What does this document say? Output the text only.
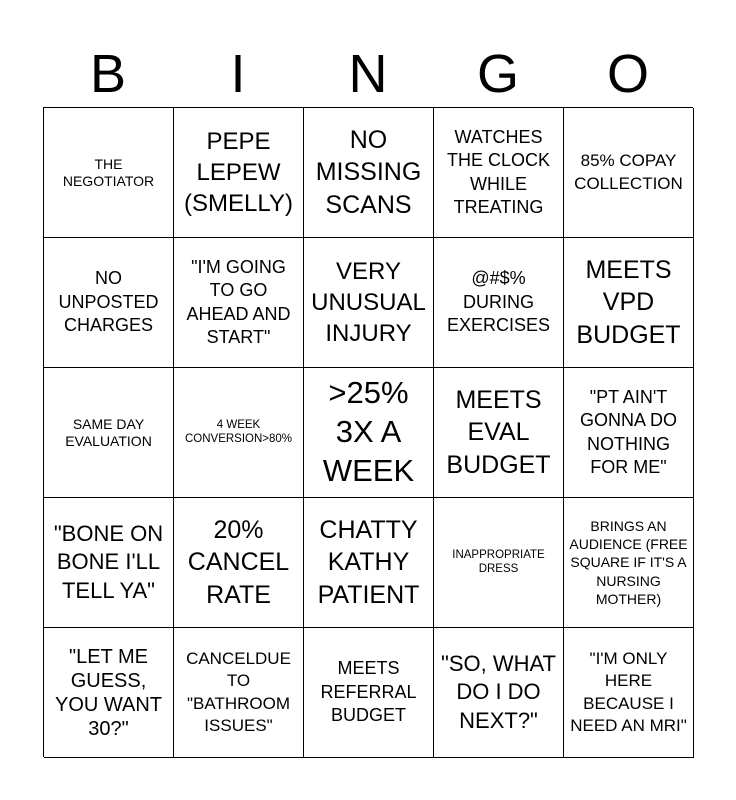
B	I	N	G	O
THE NEGOTIATOR
PEPE LEPEW (SMELLY)
NO MISSING SCANS
WATCHES THE CLOCK WHILE TREATING
85% COPAY COLLECTION
NO UNPOSTED CHARGES
"I'M GOING TO GO AHEAD AND START"
VERY UNUSUAL INJURY
@#$% DURING EXERCISES
MEETS VPD BUDGET
SAME DAY EVALUATION
4 WEEK CONVERSION>80%
>25% 3X A WEEK
MEETS EVAL BUDGET
"PT AIN'T GONNA DO NOTHING FOR ME"
"BONE ON BONE I'LL TELL YA"
20% CANCEL RATE
CHATTY KATHY PATIENT
INAPPROPRIATE DRESS
BRINGS AN AUDIENCE (FREE SQUARE IF IT'S A NURSING MOTHER)
"LET ME GUESS, YOU WANT 30?"
CANCELDUE TO "BATHROOM ISSUES"
MEETS REFERRAL BUDGET
"SO, WHAT DO I DO NEXT?"
"I'M ONLY HERE BECAUSE I NEED AN MRI"
